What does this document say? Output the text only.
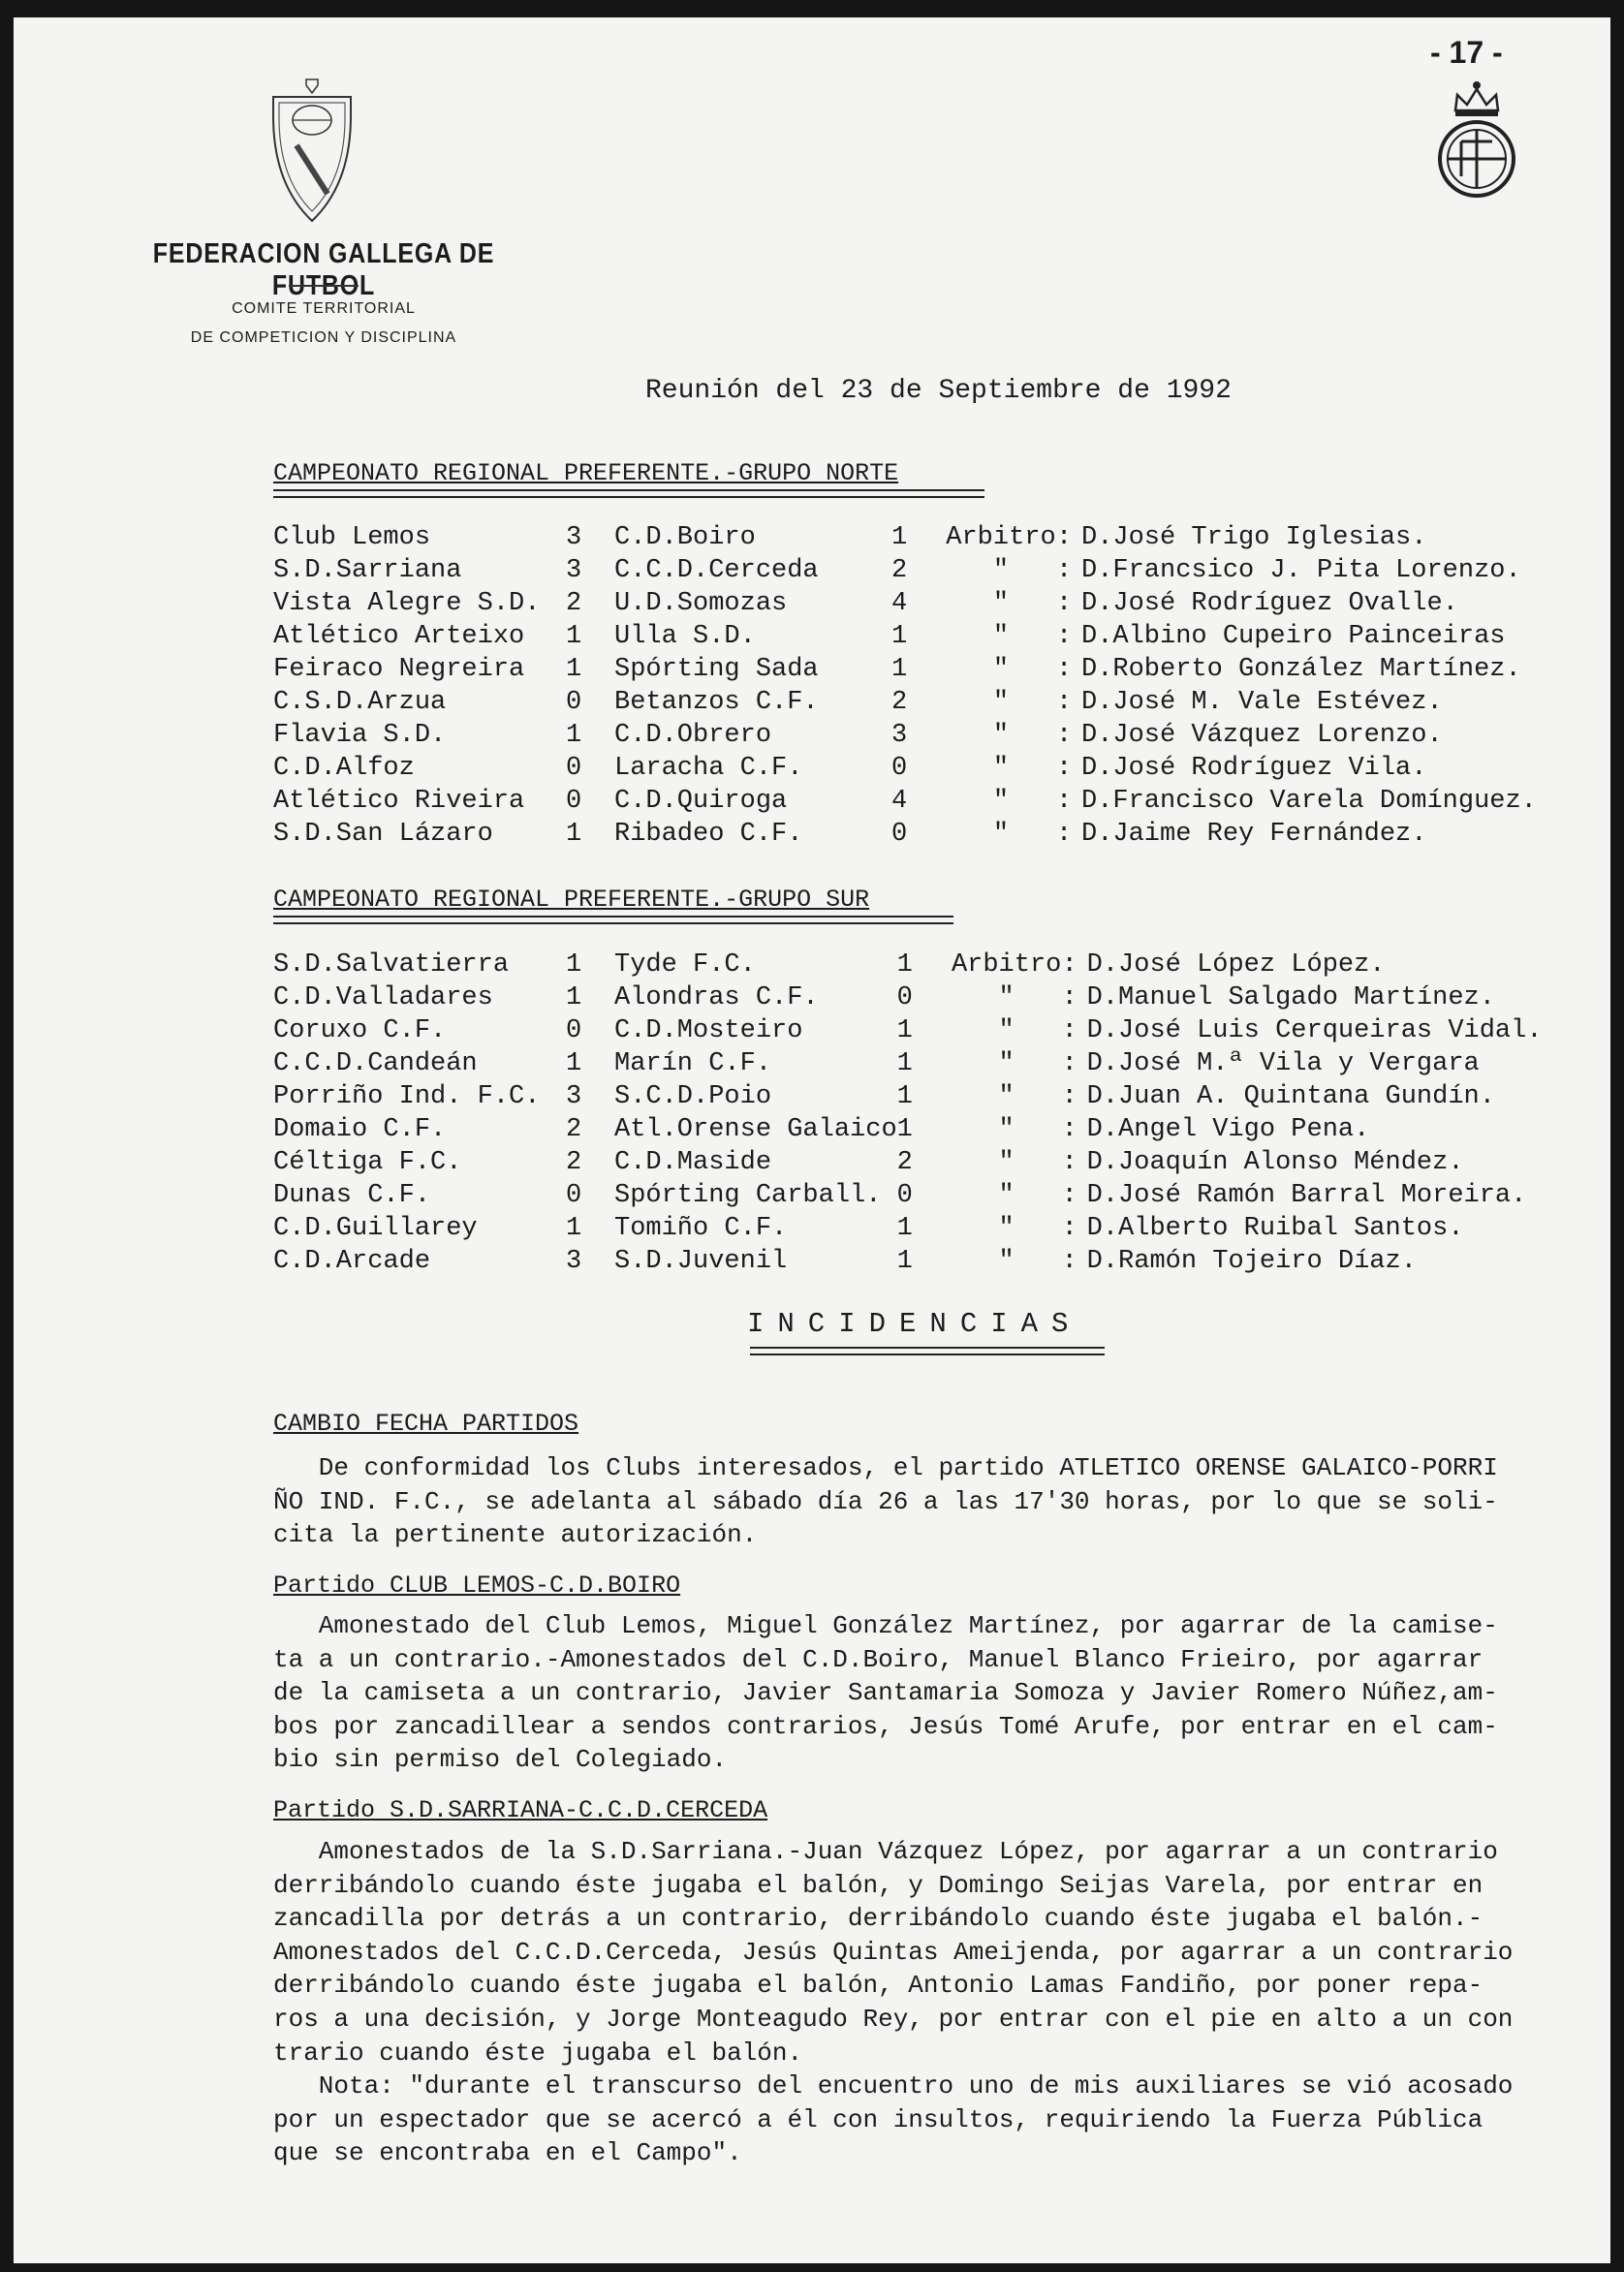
- 17 -
FEDERACION GALLEGA DE FUTBOL
COMITE TERRITORIAL
DE COMPETICION Y DISCIPLINA
Reunión del 23 de Septiembre de 1992
CAMPEONATO REGIONAL PREFERENTE.-GRUPO NORTE
Club Lemos	3	C.D.Boiro	1	Arbitro	:	D.José Trigo Iglesias.
S.D.Sarriana	3	C.C.D.Cerceda	2	"	:	D.Francsico J. Pita Lorenzo.
Vista Alegre S.D.	2	U.D.Somozas	4	"	:	D.José Rodríguez Ovalle.
Atlético Arteixo	1	Ulla S.D.	1	"	:	D.Albino Cupeiro Painceiras
Feiraco Negreira	1	Spórting Sada	1	"	:	D.Roberto González Martínez.
C.S.D.Arzua	0	Betanzos C.F.	2	"	:	D.José M. Vale Estévez.
Flavia S.D.	1	C.D.Obrero	3	"	:	D.José Vázquez Lorenzo.
C.D.Alfoz	0	Laracha C.F.	0	"	:	D.José Rodríguez Vila.
Atlético Riveira	0	C.D.Quiroga	4	"	:	D.Francisco Varela Domínguez.
S.D.San Lázaro	1	Ribadeo C.F.	0	"	:	D.Jaime Rey Fernández.
CAMPEONATO REGIONAL PREFERENTE.-GRUPO SUR
S.D.Salvatierra	1	Tyde F.C.	1	Arbitro	:	D.José López López.
C.D.Valladares	1	Alondras C.F.	0	"	:	D.Manuel Salgado Martínez.
Coruxo C.F.	0	C.D.Mosteiro	1	"	:	D.José Luis Cerqueiras Vidal.
C.C.D.Candeán	1	Marín C.F.	1	"	:	D.José M.ª Vila y Vergara
Porriño Ind. F.C.	3	S.C.D.Poio	1	"	:	D.Juan A. Quintana Gundín.
Domaio C.F.	2	Atl.Orense Galaico	1	"	:	D.Angel Vigo Pena.
Céltiga F.C.	2	C.D.Maside	2	"	:	D.Joaquín Alonso Méndez.
Dunas C.F.	0	Spórting Carball.	0	"	:	D.José Ramón Barral Moreira.
C.D.Guillarey	1	Tomiño C.F.	1	"	:	D.Alberto Ruibal Santos.
C.D.Arcade	3	S.D.Juvenil	1	"	:	D.Ramón Tojeiro Díaz.
INCIDENCIAS
CAMBIO FECHA PARTIDOS
De conformidad los Clubs interesados, el partido ATLETICO ORENSE GALAICO-PORRI
ÑO IND. F.C., se adelanta al sábado día 26 a las 17'30 horas, por lo que se soli-
cita la pertinente autorización.
Partido CLUB LEMOS-C.D.BOIRO
Amonestado del Club Lemos, Miguel González Martínez, por agarrar de la camise-
ta a un contrario.-Amonestados del C.D.Boiro, Manuel Blanco Frieiro, por agarrar
de la camiseta a un contrario, Javier Santamaria Somoza y Javier Romero Núñez,am-
bos por zancadillear a sendos contrarios, Jesús Tomé Arufe, por entrar en el cam-
bio sin permiso del Colegiado.
Partido S.D.SARRIANA-C.C.D.CERCEDA
Amonestados de la S.D.Sarriana.-Juan Vázquez López, por agarrar a un contrario
derribándolo cuando éste jugaba el balón, y Domingo Seijas Varela, por entrar en
zancadilla por detrás a un contrario, derribándolo cuando éste jugaba el balón.-
Amonestados del C.C.D.Cerceda, Jesús Quintas Ameijenda, por agarrar a un contrario
derribándolo cuando éste jugaba el balón, Antonio Lamas Fandiño, por poner repa-
ros a una decisión, y Jorge Monteagudo Rey, por entrar con el pie en alto a un con
trario cuando éste jugaba el balón.
Nota: "durante el transcurso del encuentro uno de mis auxiliares se vió acosado
por un espectador que se acercó a él con insultos, requiriendo la Fuerza Pública
que se encontraba en el Campo".
